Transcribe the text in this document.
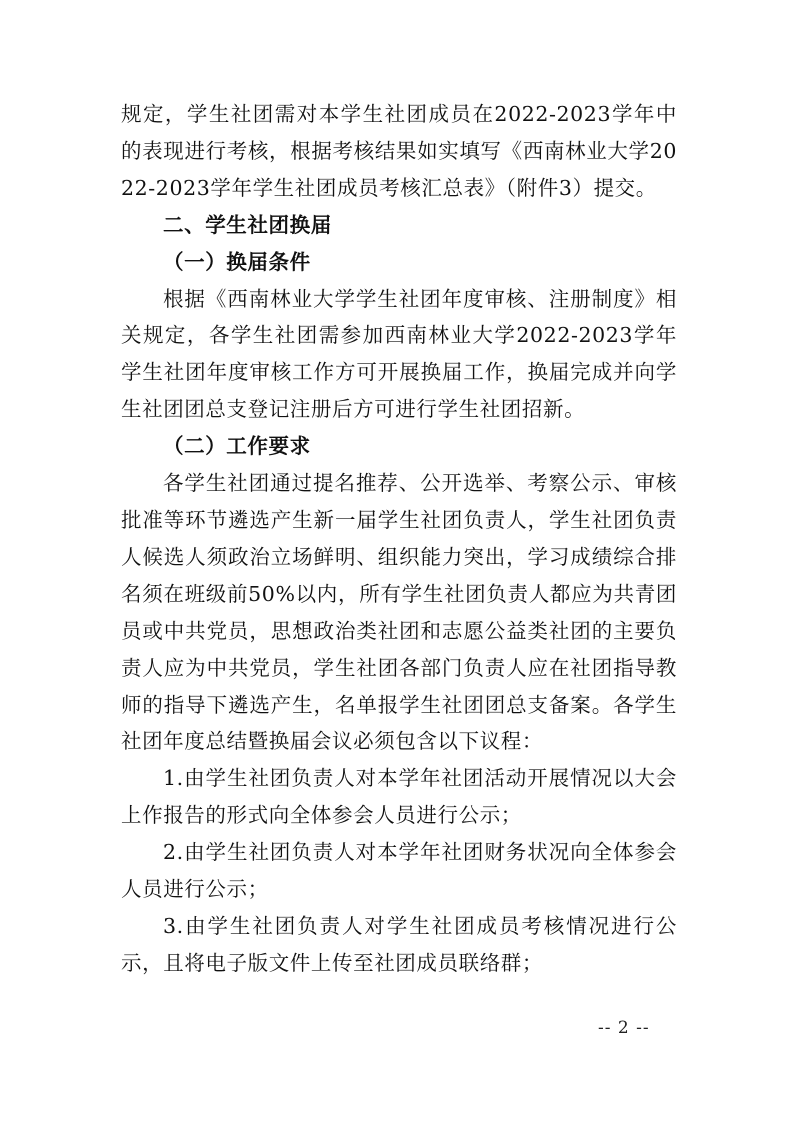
规定，学生社团需对本学生社团成员在2022-2023学年中的表现进行考核，根据考核结果如实填写《西南林业大学2022-2023学年学生社团成员考核汇总表》（附件3）提交。

二、学生社团换届

（一）换届条件

根据《西南林业大学学生社团年度审核、注册制度》相关规定，各学生社团需参加西南林业大学2022-2023学年学生社团年度审核工作方可开展换届工作，换届完成并向学生社团团总支登记注册后方可进行学生社团招新。

（二）工作要求

各学生社团通过提名推荐、公开选举、考察公示、审核批准等环节遴选产生新一届学生社团负责人，学生社团负责人候选人须政治立场鲜明、组织能力突出，学习成绩综合排名须在班级前50%以内，所有学生社团负责人都应为共青团员或中共党员，思想政治类社团和志愿公益类社团的主要负责人应为中共党员，学生社团各部门负责人应在社团指导教师的指导下遴选产生，名单报学生社团团总支备案。各学生社团年度总结暨换届会议必须包含以下议程：

1.由学生社团负责人对本学年社团活动开展情况以大会上作报告的形式向全体参会人员进行公示；

2.由学生社团负责人对本学年社团财务状况向全体参会人员进行公示；

3.由学生社团负责人对学生社团成员考核情况进行公示，且将电子版文件上传至社团成员联络群；

-- 2 --
